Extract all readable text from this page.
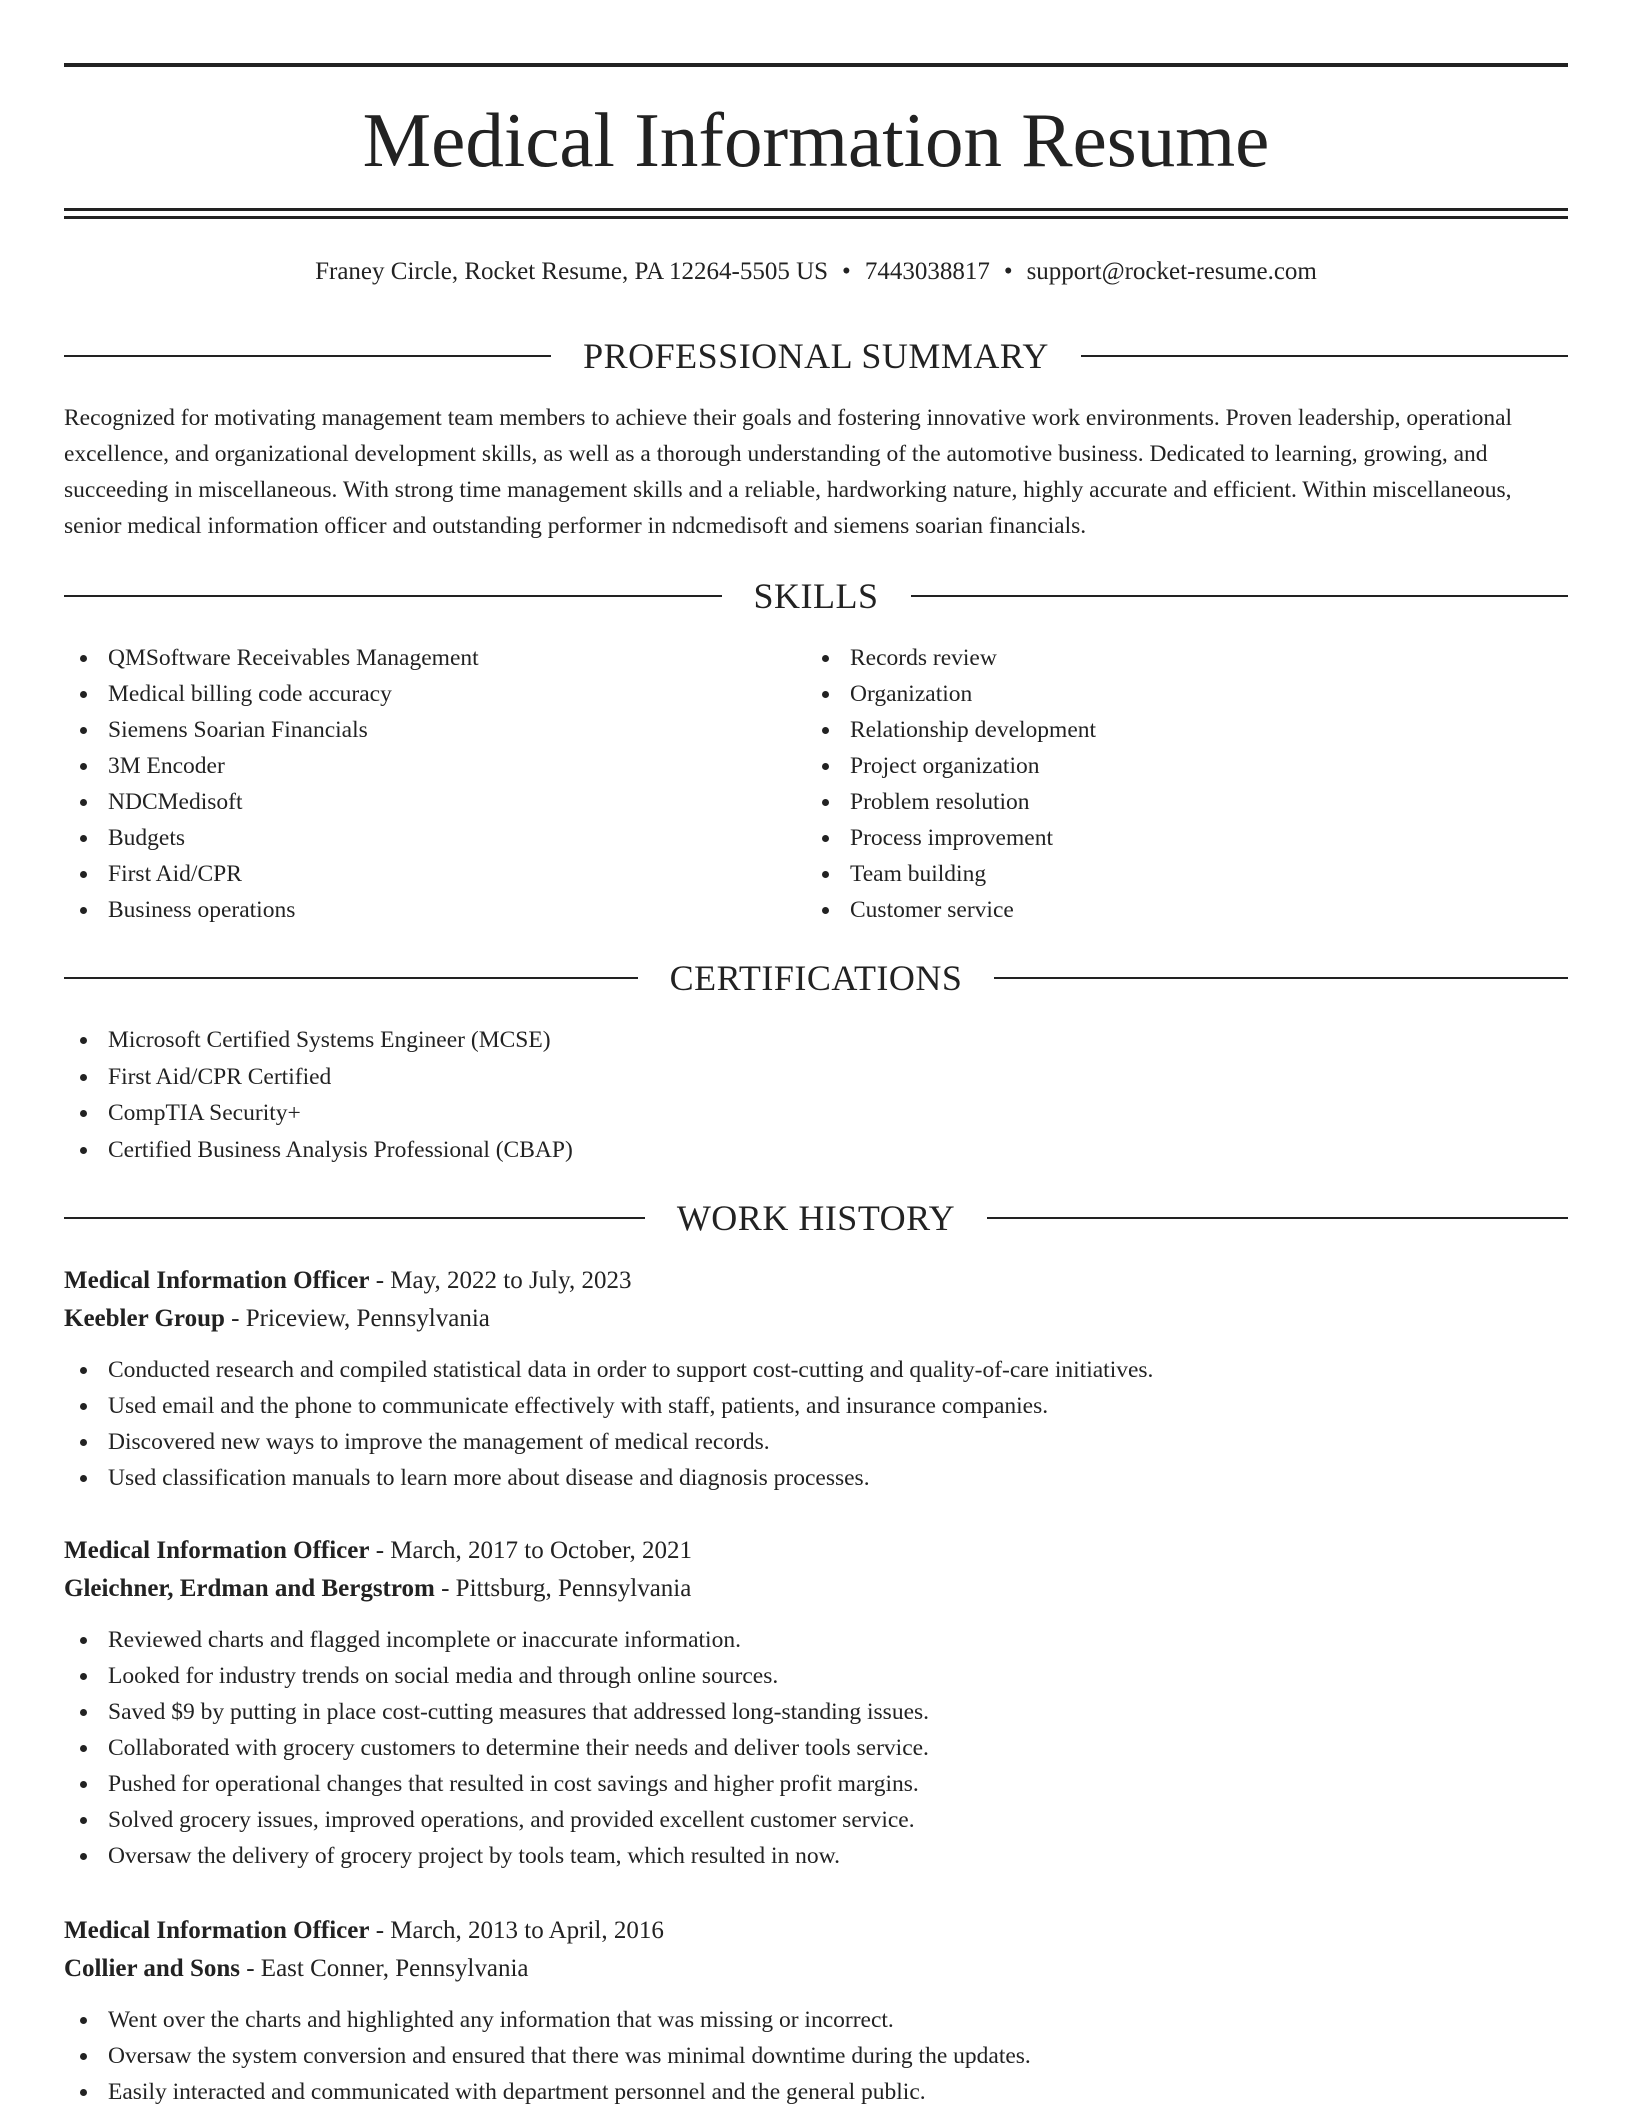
Medical Information Resume
Franey Circle, Rocket Resume, PA 12264-5505 US • 7443038817 • support@rocket-resume.com
PROFESSIONAL SUMMARY

Recognized for motivating management team members to achieve their goals and fostering innovative work environments. Proven leadership, operational excellence, and organizational development skills, as well as a thorough understanding of the automotive business. Dedicated to learning, growing, and succeeding in miscellaneous. With strong time management skills and a reliable, hardworking nature, highly accurate and efficient. Within miscellaneous, senior medical information officer and outstanding performer in ndcmedisoft and siemens soarian financials.

SKILLS
QMSoftware Receivables Management
Medical billing code accuracy
Siemens Soarian Financials
3M Encoder
NDCMedisoft
Budgets
First Aid/CPR
Business operations
Records review
Organization
Relationship development
Project organization
Problem resolution
Process improvement
Team building
Customer service
CERTIFICATIONS
Microsoft Certified Systems Engineer (MCSE)
First Aid/CPR Certified
CompTIA Security+
Certified Business Analysis Professional (CBAP)
WORK HISTORY
Medical Information Officer - May, 2022 to July, 2023
Keebler Group - Priceview, Pennsylvania
Conducted research and compiled statistical data in order to support cost-cutting and quality-of-care initiatives.
Used email and the phone to communicate effectively with staff, patients, and insurance companies.
Discovered new ways to improve the management of medical records.
Used classification manuals to learn more about disease and diagnosis processes.
Medical Information Officer - March, 2017 to October, 2021
Gleichner, Erdman and Bergstrom - Pittsburg, Pennsylvania
Reviewed charts and flagged incomplete or inaccurate information.
Looked for industry trends on social media and through online sources.
Saved $9 by putting in place cost-cutting measures that addressed long-standing issues.
Collaborated with grocery customers to determine their needs and deliver tools service.
Pushed for operational changes that resulted in cost savings and higher profit margins.
Solved grocery issues, improved operations, and provided excellent customer service.
Oversaw the delivery of grocery project by tools team, which resulted in now.
Medical Information Officer - March, 2013 to April, 2016
Collier and Sons - East Conner, Pennsylvania
Went over the charts and highlighted any information that was missing or incorrect.
Oversaw the system conversion and ensured that there was minimal downtime during the updates.
Easily interacted and communicated with department personnel and the general public.
